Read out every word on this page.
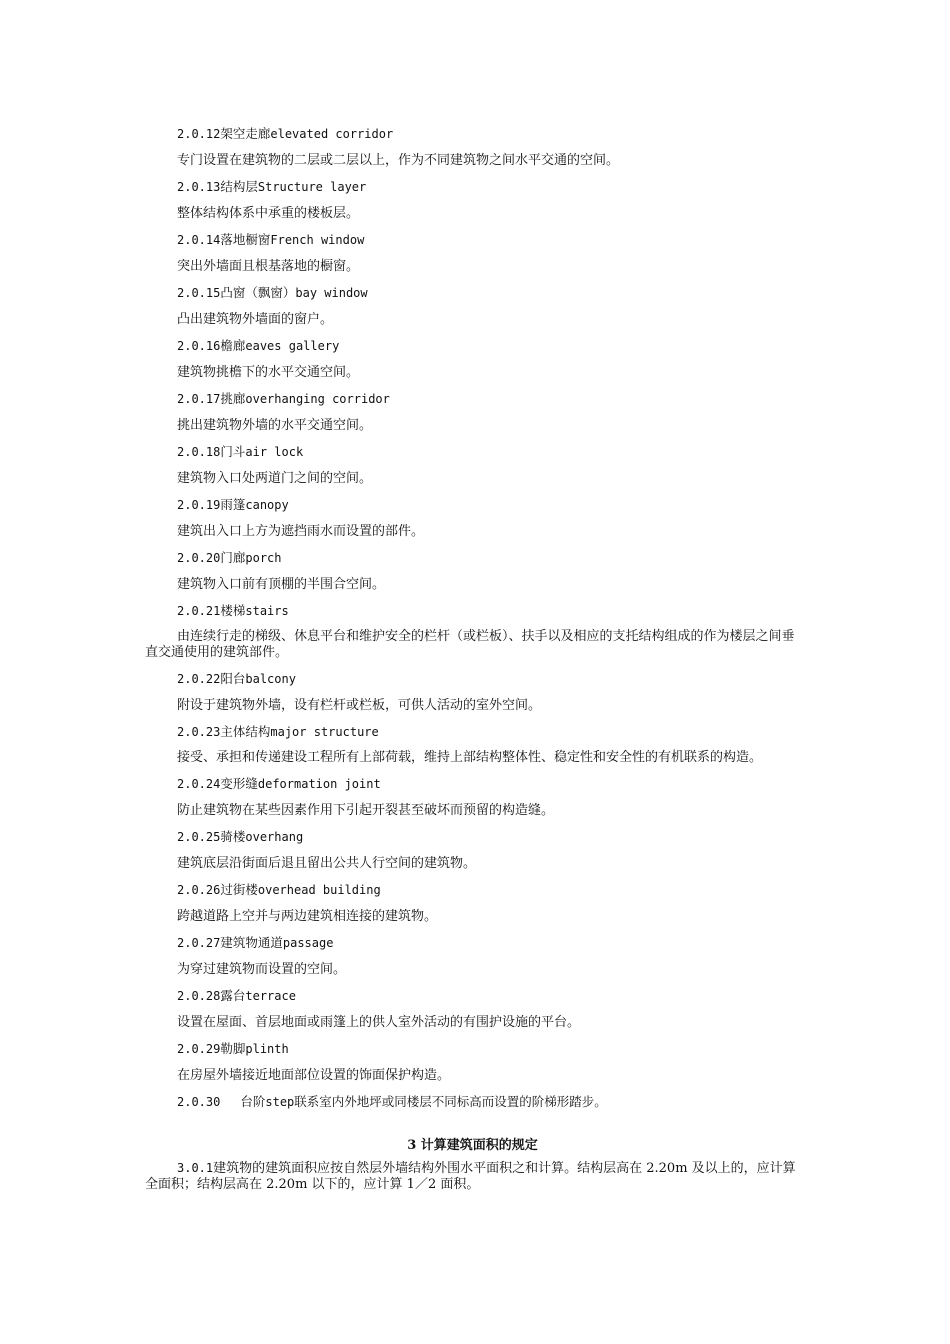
2.0.12架空走廊elevated corridor
专门设置在建筑物的二层或二层以上，作为不同建筑物之间水平交通的空间。
2.0.13结构层Structure layer
整体结构体系中承重的楼板层。
2.0.14落地橱窗French window
突出外墙面且根基落地的橱窗。
2.0.15凸窗（飘窗）bay window
凸出建筑物外墙面的窗户。
2.0.16檐廊eaves gallery
建筑物挑檐下的水平交通空间。
2.0.17挑廊overhanging corridor
挑出建筑物外墙的水平交通空间。
2.0.18门斗air lock
建筑物入口处两道门之间的空间。
2.0.19雨篷canopy
建筑出入口上方为遮挡雨水而设置的部件。
2.0.20门廊porch
建筑物入口前有顶棚的半围合空间。
2.0.21楼梯stairs
由连续行走的梯级、休息平台和维护安全的栏杆（或栏板）、扶手以及相应的支托结构组成的作为楼层之间垂直交通使用的建筑部件。
2.0.22阳台balcony
附设于建筑物外墙，设有栏杆或栏板，可供人活动的室外空间。
2.0.23主体结构major structure
接受、承担和传递建设工程所有上部荷载，维持上部结构整体性、稳定性和安全性的有机联系的构造。
2.0.24变形缝deformation joint
防止建筑物在某些因素作用下引起开裂甚至破坏而预留的构造缝。
2.0.25骑楼overhang
建筑底层沿街面后退且留出公共人行空间的建筑物。
2.0.26过街楼overhead building
跨越道路上空并与两边建筑相连接的建筑物。
2.0.27建筑物通道passage
为穿过建筑物而设置的空间。
2.0.28露台terrace
设置在屋面、首层地面或雨篷上的供人室外活动的有围护设施的平台。
2.0.29勒脚plinth
在房屋外墙接近地面部位设置的饰面保护构造。
2.0.30 台阶step联系室内外地坪或同楼层不同标高而设置的阶梯形踏步。
3 计算建筑面积的规定
3.0.1建筑物的建筑面积应按自然层外墙结构外围水平面积之和计算。结构层高在 2.20m 及以上的，应计算全面积；结构层高在 2.20m 以下的，应计算 1／2 面积。
